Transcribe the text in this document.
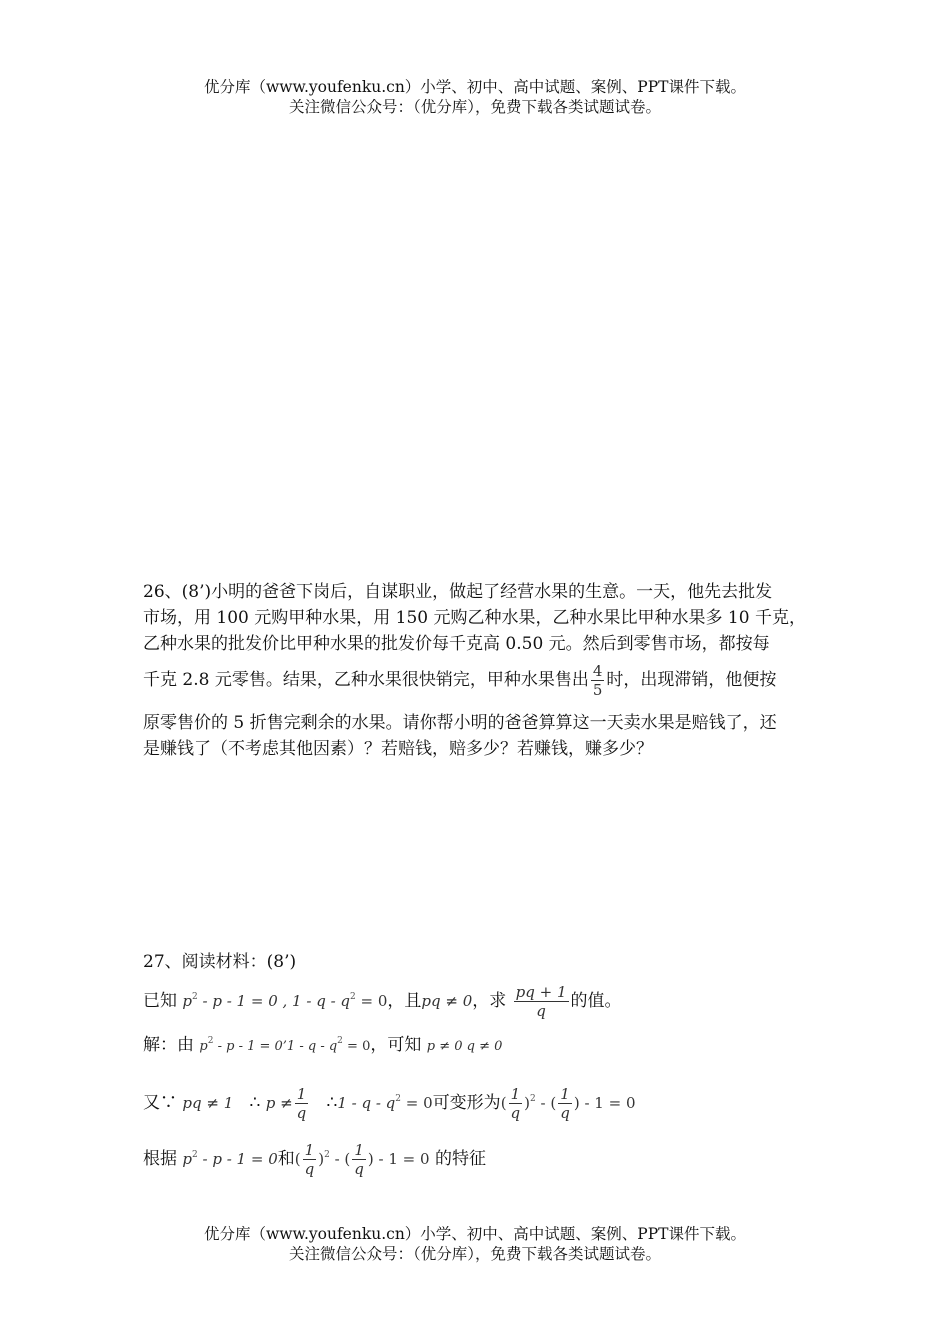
优分库（www.youfenku.cn）小学、初中、高中试题、案例、PPT课件下载。
关注微信公众号：（优分库），免费下载各类试题试卷。
26、(8’)小明的爸爸下岗后，自谋职业，做起了经营水果的生意。一天，他先去批发
市场，用 100 元购甲种水果，用 150 元购乙种水果，乙种水果比甲种水果多 10 千克，
乙种水果的批发价比甲种水果的批发价每千克高 0.50 元。然后到零售市场，都按每
千克 2.8 元零售。结果，乙种水果很快销完，甲种水果售出 $\frac{4}{5}$ 时，出现滞销，他便按
原零售价的 5 折售完剩余的水果。请你帮小明的爸爸算算这一天卖水果是赔钱了，还
是赚钱了（不考虑其他因素）？若赔钱，赔多少？若赚钱，赚多少？
27、阅读材料：(8’)
已知 $p^2 - p - 1 = 0$ , $1 - q - q^2 = 0$，且pq ≠ 0，求 $\frac{pq + 1}{q}$ 的值。
解：由 $p^2$ - p - 1 = 0’1 - $q - q^2 = 0$，可知 p ≠ 0 q ≠ 0
又∵ pq ≠ 1 ∴ $p \ne \frac{1}{q}$ ∴1 - $q - q^2 = 0$可变形为( $\frac{1}{q} )^2$ - ( $\frac{1}{q}$ ) - 1 = 0
根据 $p^2 - p - 1 = 0$和( $\frac{1}{q} )^2$ - ( $\frac{1}{q}$ ) - 1 = 0 的特征
优分库（www.youfenku.cn）小学、初中、高中试题、案例、PPT课件下载。
关注微信公众号：（优分库），免费下载各类试题试卷。
